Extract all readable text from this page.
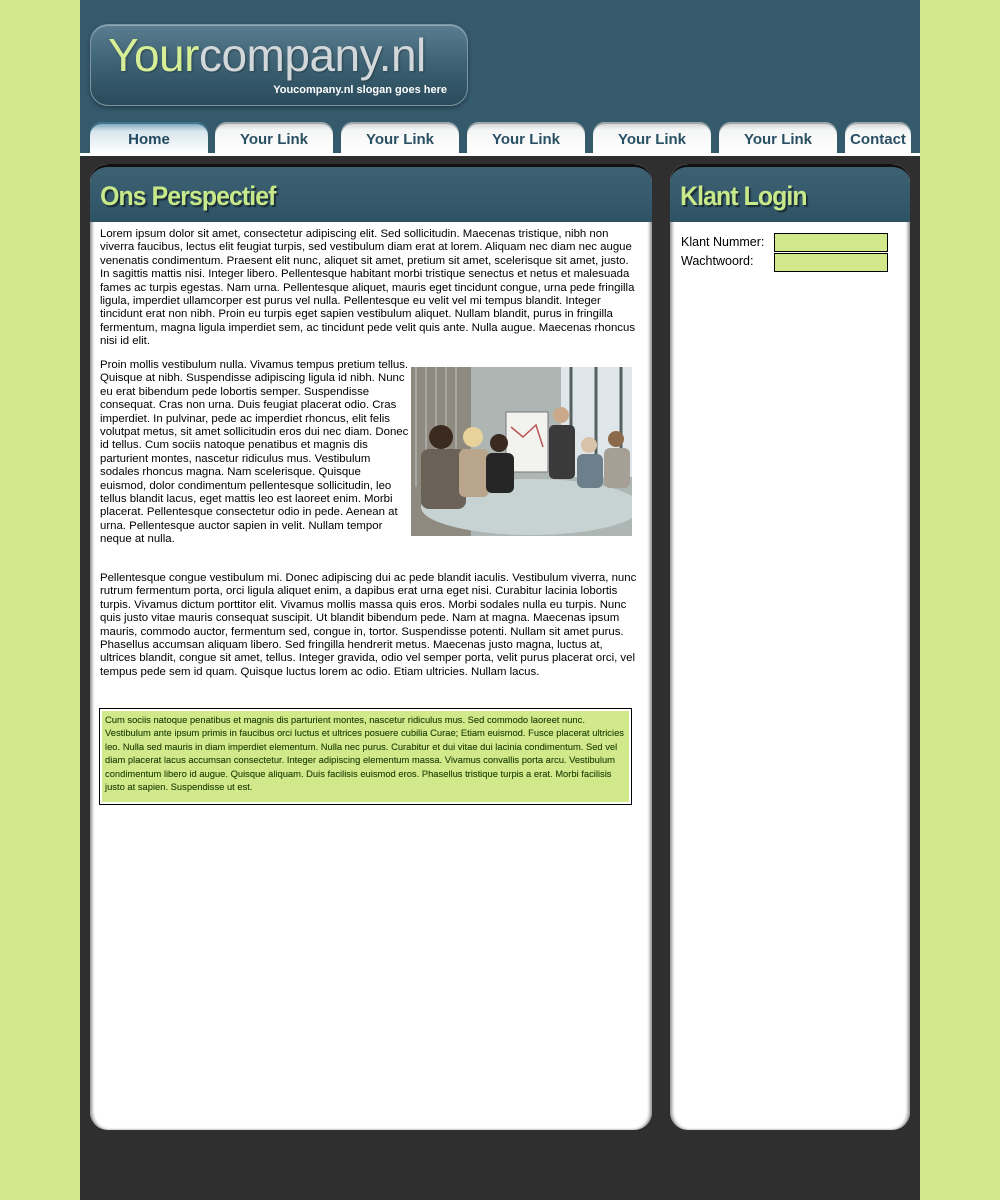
Yourcompany.nl
Youcompany.nl slogan goes here
Home	Your Link	Your Link	Your Link	Your Link	Your Link	Contact
Ons Perspectief
Lorem ipsum dolor sit amet, consectetur adipiscing elit. Sed sollicitudin. Maecenas tristique, nibh non viverra faucibus, lectus elit feugiat turpis, sed vestibulum diam erat at lorem. Aliquam nec diam nec augue venenatis condimentum. Praesent elit nunc, aliquet sit amet, pretium sit amet, scelerisque sit amet, justo. In sagittis mattis nisi. Integer libero. Pellentesque habitant morbi tristique senectus et netus et malesuada fames ac turpis egestas. Nam urna. Pellentesque aliquet, mauris eget tincidunt congue, urna pede fringilla ligula, imperdiet ullamcorper est purus vel nulla. Pellentesque eu velit vel mi tempus blandit. Integer tincidunt erat non nibh. Proin eu turpis eget sapien vestibulum aliquet. Nullam blandit, purus in fringilla fermentum, magna ligula imperdiet sem, ac tincidunt pede velit quis ante. Nulla augue. Maecenas rhoncus nisi id elit.
Proin mollis vestibulum nulla. Vivamus tempus pretium tellus. Quisque at nibh. Suspendisse adipiscing ligula id nibh. Nunc eu erat bibendum pede lobortis semper. Suspendisse consequat. Cras non urna. Duis feugiat placerat odio. Cras imperdiet. In pulvinar, pede ac imperdiet rhoncus, elit felis volutpat metus, sit amet sollicitudin eros dui nec diam. Donec id tellus. Cum sociis natoque penatibus et magnis dis parturient montes, nascetur ridiculus mus. Vestibulum sodales rhoncus magna. Nam scelerisque. Quisque euismod, dolor condimentum pellentesque sollicitudin, leo tellus blandit lacus, eget mattis leo est laoreet enim. Morbi placerat. Pellentesque consectetur odio in pede. Aenean at urna. Pellentesque auctor sapien in velit. Nullam tempor neque at nulla.
Pellentesque congue vestibulum mi. Donec adipiscing dui ac pede blandit iaculis. Vestibulum viverra, nunc rutrum fermentum porta, orci ligula aliquet enim, a dapibus erat urna eget nisi. Curabitur lacinia lobortis turpis. Vivamus dictum porttitor elit. Vivamus mollis massa quis eros. Morbi sodales nulla eu turpis. Nunc quis justo vitae mauris consequat suscipit. Ut blandit bibendum pede. Nam at magna. Maecenas ipsum mauris, commodo auctor, fermentum sed, congue in, tortor. Suspendisse potenti. Nullam sit amet purus. Phasellus accumsan aliquam libero. Sed fringilla hendrerit metus. Maecenas justo magna, luctus at, ultrices blandit, congue sit amet, tellus. Integer gravida, odio vel semper porta, velit purus placerat orci, vel tempus pede sem id quam. Quisque luctus lorem ac odio. Etiam ultricies. Nullam lacus.
Cum sociis natoque penatibus et magnis dis parturient montes, nascetur ridiculus mus. Sed commodo laoreet nunc. Vestibulum ante ipsum primis in faucibus orci luctus et ultrices posuere cubilia Curae; Etiam euismod. Fusce placerat ultricies leo. Nulla sed mauris in diam imperdiet elementum. Nulla nec purus. Curabitur et dui vitae dui lacinia condimentum. Sed vel diam placerat lacus accumsan consectetur. Integer adipiscing elementum massa. Vivamus convallis porta arcu. Vestibulum condimentum libero id augue. Quisque aliquam. Duis facilisis euismod eros. Phasellus tristique turpis a erat. Morbi facilisis justo at sapien. Suspendisse ut est.
Klant Login
Klant Nummer:
Wachtwoord:
